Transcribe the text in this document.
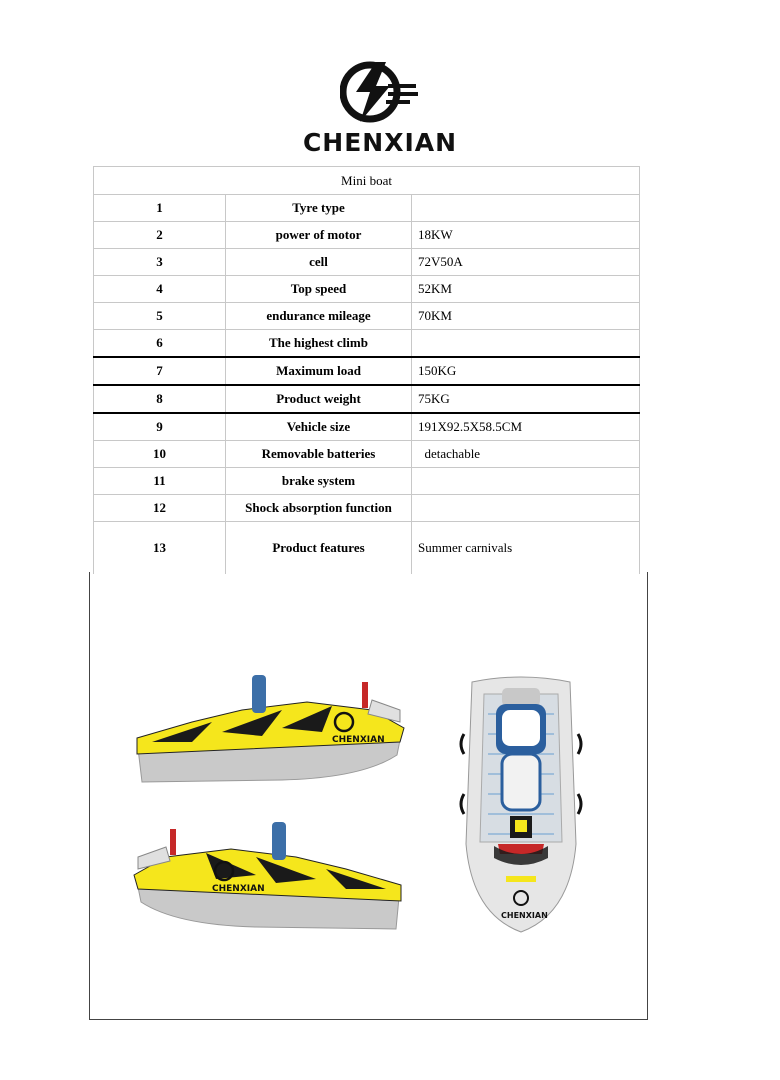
CHENXIAN
Mini boat		
1	Tyre type	
2	power of motor	18KW
3	cell	72V50A
4	Top speed	52KM
5	endurance mileage	70KM
6	The highest climb	
7	Maximum load	150KG
8	Product weight	75KG
9	Vehicle size	191X92.5X58.5CM
10	Removable batteries	detachable
11	brake system	
12	Shock absorption function	
13	Product features	Summer carnivals
CHENXIAN
CHENXIAN
CHENXIAN
